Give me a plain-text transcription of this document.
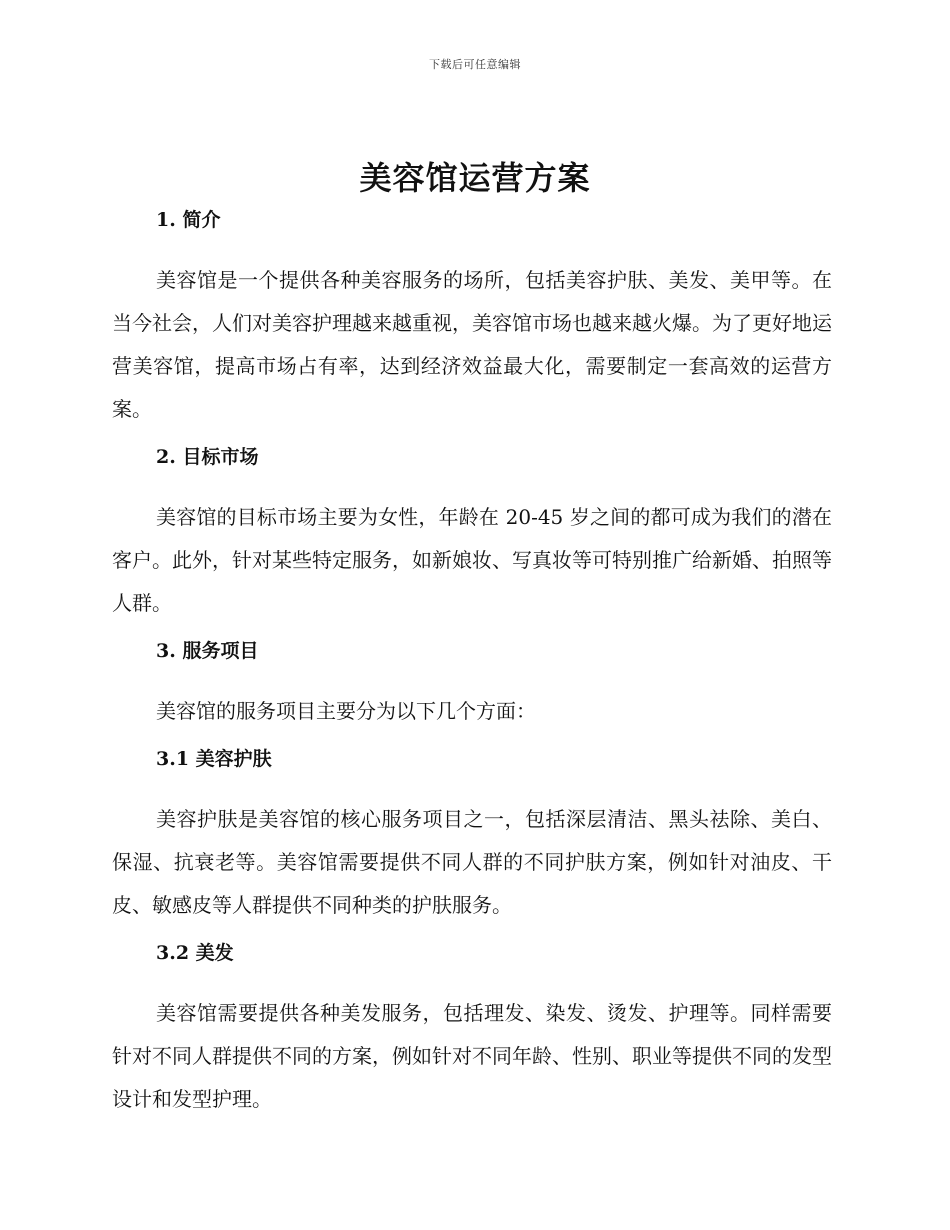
下载后可任意编辑
美容馆运营方案
1. 简介

美容馆是一个提供各种美容服务的场所，包括美容护肤、美发、美甲等。在当今社会，人们对美容护理越来越重视，美容馆市场也越来越火爆。为了更好地运营美容馆，提高市场占有率，达到经济效益最大化，需要制定一套高效的运营方案。

2. 目标市场

美容馆的目标市场主要为女性，年龄在 20-45 岁之间的都可成为我们的潜在客户。此外，针对某些特定服务，如新娘妆、写真妆等可特别推广给新婚、拍照等人群。

3. 服务项目

美容馆的服务项目主要分为以下几个方面：

3.1 美容护肤

美容护肤是美容馆的核心服务项目之一，包括深层清洁、黑头祛除、美白、保湿、抗衰老等。美容馆需要提供不同人群的不同护肤方案，例如针对油皮、干皮、敏感皮等人群提供不同种类的护肤服务。

3.2 美发

美容馆需要提供各种美发服务，包括理发、染发、烫发、护理等。同样需要针对不同人群提供不同的方案，例如针对不同年龄、性别、职业等提供不同的发型设计和发型护理。
